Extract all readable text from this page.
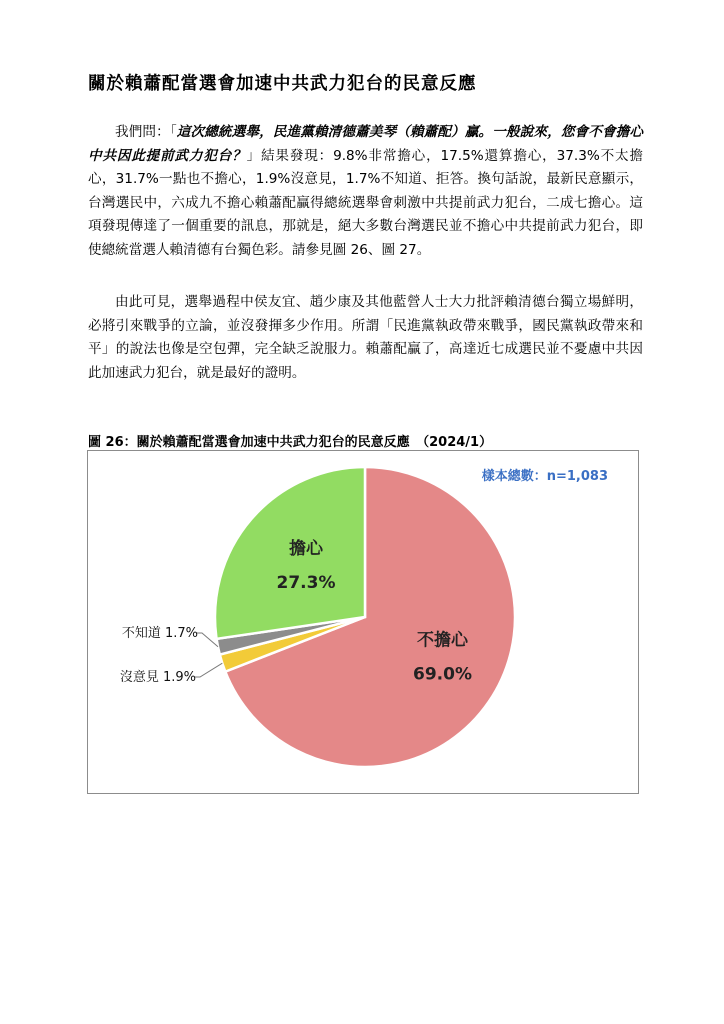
關於賴蕭配當選會加速中共武力犯台的民意反應

我們問：「這次總統選舉，民進黨賴清德蕭美琴（賴蕭配）贏。一般說來，您會不會擔心中共因此提前武力犯台？」結果發現：9.8%非常擔心，17.5%還算擔心，37.3%不太擔心，31.7%一點也不擔心，1.9%沒意見，1.7%不知道、拒答。換句話說，最新民意顯示，台灣選民中，六成九不擔心賴蕭配贏得總統選舉會刺激中共提前武力犯台，二成七擔心。這項發現傳達了一個重要的訊息，那就是，絕大多數台灣選民並不擔心中共提前武力犯台，即使總統當選人賴清德有台獨色彩。請參見圖 26、圖 27。

由此可見，選舉過程中侯友宜、趙少康及其他藍營人士大力批評賴清德台獨立場鮮明，必將引來戰爭的立論，並沒發揮多少作用。所謂「民進黨執政帶來戰爭，國民黨執政帶來和平」的說法也像是空包彈，完全缺乏說服力。賴蕭配贏了，高達近七成選民並不憂慮中共因此加速武力犯台，就是最好的證明。

圖 26：關於賴蕭配當選會加速中共武力犯台的民意反應　（2024/1）
樣本總數：n=1,083
不擔心
69.0%
沒意見 1.9%
不知道 1.7%
擔心
27.3%
